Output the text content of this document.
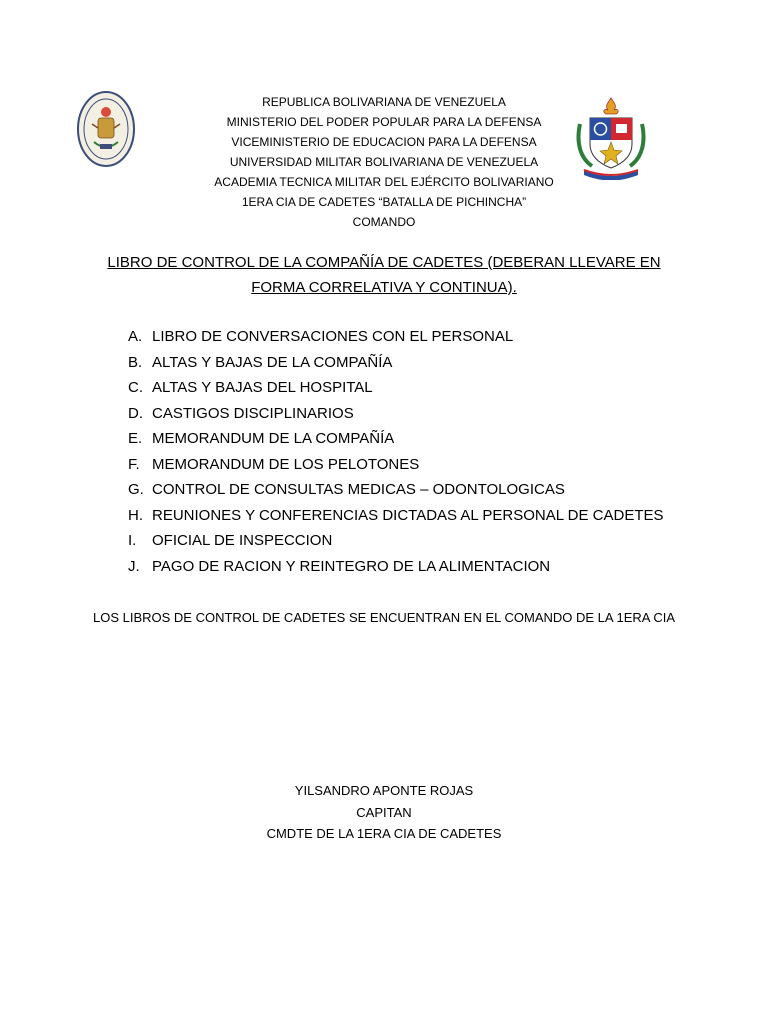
REPUBLICA BOLIVARIANA DE VENEZUELA
MINISTERIO DEL PODER POPULAR PARA LA DEFENSA
VICEMINISTERIO DE EDUCACION PARA LA DEFENSA
UNIVERSIDAD MILITAR BOLIVARIANA DE VENEZUELA
ACADEMIA TECNICA MILITAR DEL EJÉRCITO BOLIVARIANO
1ERA CIA DE CADETES “BATALLA DE PICHINCHA”
COMANDO
LIBRO DE CONTROL DE LA COMPAÑÍA DE CADETES (DEBERAN LLEVARE EN
FORMA CORRELATIVA Y CONTINUA).
A. LIBRO DE CONVERSACIONES CON EL PERSONAL
B. ALTAS Y BAJAS DE LA COMPAÑÍA
C. ALTAS Y BAJAS DEL HOSPITAL
D. CASTIGOS DISCIPLINARIOS
E. MEMORANDUM DE LA COMPAÑÍA
F. MEMORANDUM DE LOS PELOTONES
G. CONTROL DE CONSULTAS MEDICAS – ODONTOLOGICAS
H. REUNIONES Y CONFERENCIAS DICTADAS AL PERSONAL DE CADETES
I.	OFICIAL DE INSPECCION
J. PAGO DE RACION Y REINTEGRO DE LA ALIMENTACION
LOS LIBROS DE CONTROL DE CADETES SE ENCUENTRAN EN EL COMANDO DE LA 1ERA CIA
YILSANDRO APONTE ROJAS
CAPITAN
CMDTE DE LA 1ERA CIA DE CADETES
